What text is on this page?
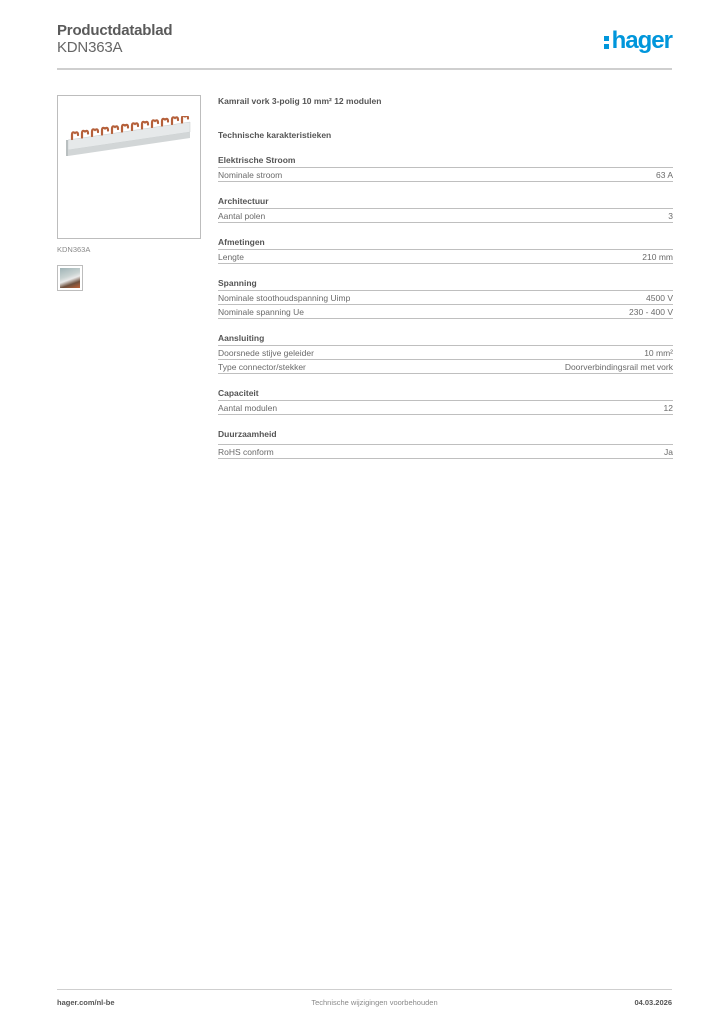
Productdatablad
KDN363A	hager
KDN363A
Kamrail vork 3-polig 10 mm² 12 modulen
Technische karakteristieken
Elektrische Stroom
Nominale stroom	63 A
Architectuur
Aantal polen	3
Afmetingen
Lengte	210 mm
Spanning
Nominale stoothoudspanning Uimp	4500 V
Nominale spanning Ue	230 - 400 V
Aansluiting
Doorsnede stijve geleider	10 mm²
Type connector/stekker	Doorverbindingsrail met vork
Capaciteit
Aantal modulen	12
Duurzaamheid
RoHS conform	Ja
hager.com/nl-be	Technische wijzigingen voorbehouden	04.03.2026
